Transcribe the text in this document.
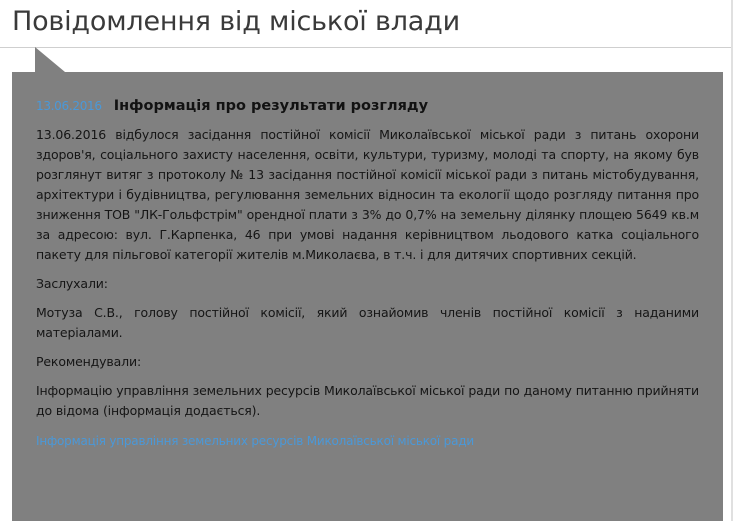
Повідомлення від міської влади
13.06.2016 Інформація про результати розгляду

13.06.2016 відбулося засідання постійної комісії Миколаївської міської ради з питань охорони здоров'я, соціального захисту населення, освіти, культури, туризму, молоді та спорту, на якому був розглянут витяг з протоколу № 13 засідання постійної комісії міської ради з питань містобудування, архітектури і будівництва, регулювання земельних відносин та екології щодо розгляду питання про зниження ТОВ "ЛК-Гольфстрім" орендної плати з 3% до 0,7% на земельну ділянку площею 5649 кв.м за адресою: вул. Г.Карпенка, 46 при умові надання керівництвом льодового катка соціального пакету для пільгової категорії жителів м.Миколаєва, в т.ч. і для дитячих спортивних секцій.

Заслухали:

Мотуза С.В., голову постійної комісії, який ознайомив членів постійної комісії з наданими матеріалами.

Рекомендували:

Інформацію управління земельних ресурсів Миколаївської міської ради по даному питанню прийняти до відома (інформація додається).

Інформація управління земельних ресурсів Миколаївської міської ради
